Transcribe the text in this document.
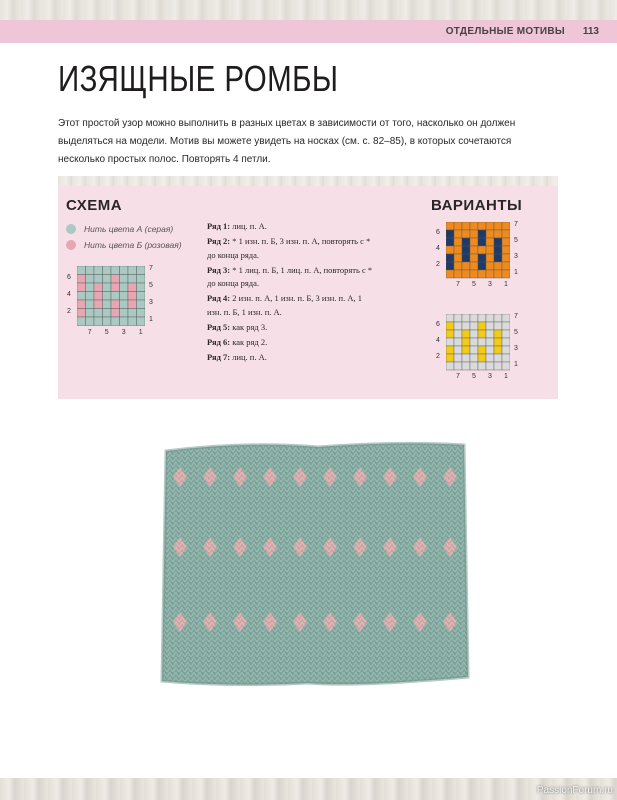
ОТДЕЛЬНЫЕ МОТИВЫ 113
ИЗЯЩНЫЕ РОМБЫ
Этот простой узор можно выполнить в разных цветах в зависимости от того, насколько он должен выделяться на модели. Мотив вы можете увидеть на носках (см. с. 82–85), в которых сочетаются несколько простых полос. Повторять 4 петли.
СХЕМА	ВАРИАНТЫ
Нить цвета А (серая)
Нить цвета Б (розовая)
7
5
3
1
6
4
2
7 5 3 1

Ряд 1: лиц. п. А.

Ряд 2: * 1 изн. п. Б, 3 изн. п. А, повторять с * до конца ряда.

Ряд 3: * 1 лиц. п. Б, 1 лиц. п. А, повторять с * до конца ряда.

Ряд 4: 2 изн. п. А, 1 изн. п. Б, 3 изн. п. А, 1 изн. п. Б, 1 изн. п. А.

Ряд 5: как ряд 3.

Ряд 6: как ряд 2.

Ряд 7: лиц. п. А.

7
5
3
1
6
4
2
7 5 3 1
7
5
3
1
6
4
2
7 5 3 1
PassionForum.ru
